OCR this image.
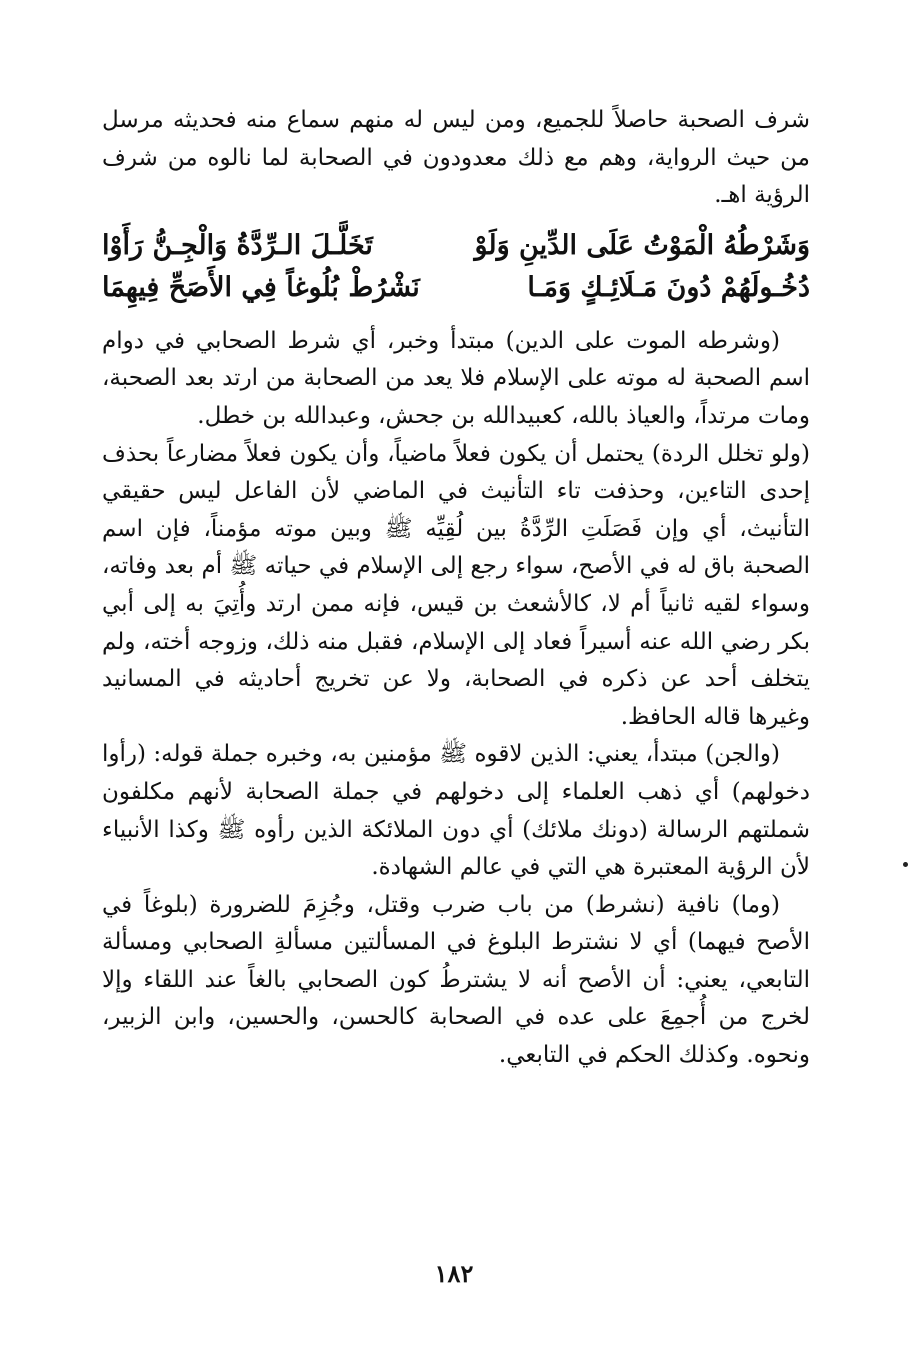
شرف الصحبة حاصلاً للجميع، ومن ليس له منهم سماع منه فحديثه مرسل من حيث الرواية، وهم مع ذلك معدودون في الصحابة لما نالوه من شرف الرؤية اهـ.

وَشَرْطُهُ الْمَوْتُ عَلَى الدِّينِ وَلَوْ
تَخَلَّـلَ الـرِّدَّةُ وَالْجِـنُّ رَأَوْا
دُخُـولَهُمْ دُونَ مَـلَائِـكٍ وَمَـا
نَشْرُطْ بُلُوغاً فِي الأَصَحِّ فِيهِمَا

(وشرطه الموت على الدين) مبتدأ وخبر، أي شرط الصحابي في دوام اسم الصحبة له موته على الإسلام فلا يعد من الصحابة من ارتد بعد الصحبة، ومات مرتداً، والعياذ بالله، كعبيدالله بن جحش، وعبدالله بن خطل.

(ولو تخلل الردة) يحتمل أن يكون فعلاً ماضياً، وأن يكون فعلاً مضارعاً بحذف إحدى التاءين، وحذفت تاء التأنيث في الماضي لأن الفاعل ليس حقيقي التأنيث، أي وإن فَصَلَتِ الرِّدَّةُ بين لُقِيِّه ﷺ وبين موته مؤمناً، فإن اسم الصحبة باق له في الأصح، سواء رجع إلى الإسلام في حياته ﷺ أم بعد وفاته، وسواء لقيه ثانياً أم لا، كالأشعث بن قيس، فإنه ممن ارتد وأُتِيَ به إلى أبي بكر رضي الله عنه أسيراً فعاد إلى الإسلام، فقبل منه ذلك، وزوجه أخته، ولم يتخلف أحد عن ذكره في الصحابة، ولا عن تخريج أحاديثه في المسانيد وغيرها قاله الحافظ.

(والجن) مبتدأ، يعني: الذين لاقوه ﷺ مؤمنين به، وخبره جملة قوله: (رأوا دخولهم) أي ذهب العلماء إلى دخولهم في جملة الصحابة لأنهم مكلفون شملتهم الرسالة (دونك ملائك) أي دون الملائكة الذين رأوه ﷺ وكذا الأنبياء لأن الرؤية المعتبرة هي التي في عالم الشهادة.

(وما) نافية (نشرط) من باب ضرب وقتل، وجُزِمَ للضرورة (بلوغاً في الأصح فيهما) أي لا نشترط البلوغ في المسألتين مسألةِ الصحابي ومسألة التابعي، يعني: أن الأصح أنه لا يشترطُ كون الصحابي بالغاً عند اللقاء وإلا لخرج من أُجمِعَ على عده في الصحابة كالحسن، والحسين، وابن الزبير، ونحوه. وكذلك الحكم في التابعي.

١٨٢
